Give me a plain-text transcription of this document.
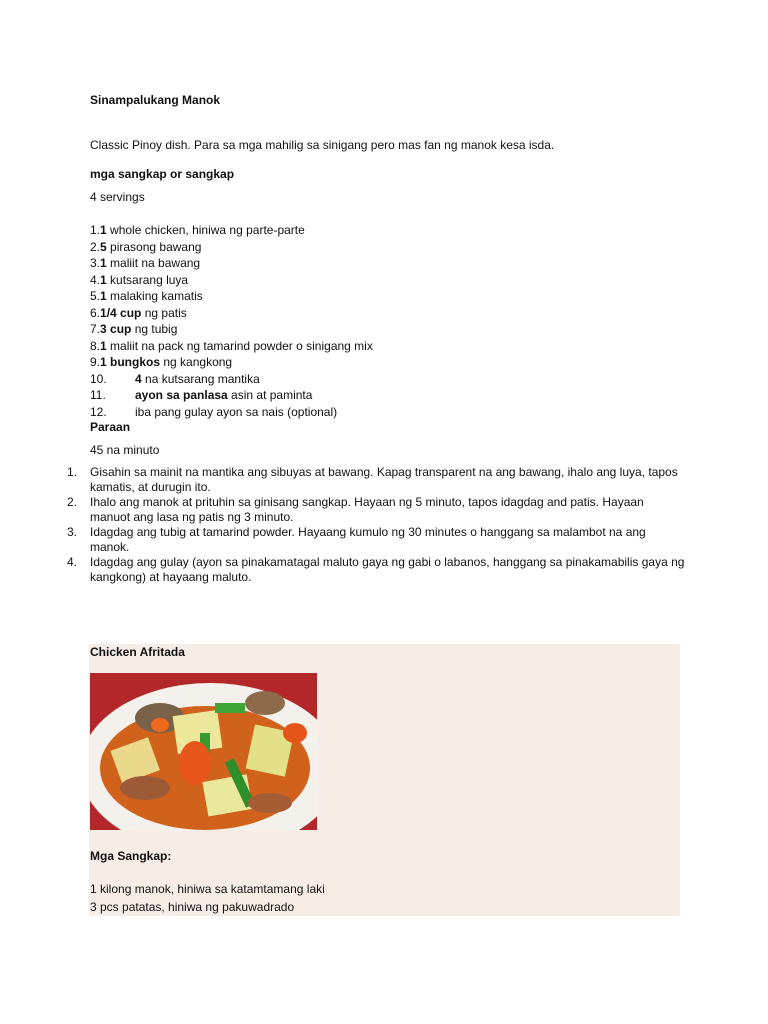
Sinampalukang Manok
Classic Pinoy dish. Para sa mga mahilig sa sinigang pero mas fan ng manok kesa isda.
mga sangkap or sangkap
4 servings
1.1 whole chicken, hiniwa ng parte-parte
2.5 pirasong bawang
3.1 maliit na bawang
4.1 kutsarang luya
5.1 malaking kamatis
6.1/4 cup ng patis
7.3 cup ng tubig
8.1 maliit na pack ng tamarind powder o sinigang mix
9.1 bungkos ng kangkong
10. 4 na kutsarang mantika
11. ayon sa panlasa asin at paminta
12. iba pang gulay ayon sa nais (optional)
Paraan
45 na minuto
1.	Gisahin sa mainit na mantika ang sibuyas at bawang. Kapag transparent na ang bawang, ihalo ang luya, tapos kamatis, at durugin ito.
2.	Ihalo ang manok at prituhin sa ginisang sangkap. Hayaan ng 5 minuto, tapos idagdag and patis. Hayaan manuot ang lasa ng patis ng 3 minuto.
3.	Idagdag ang tubig at tamarind powder. Hayaang kumulo ng 30 minutes o hanggang sa malambot na ang manok.
4.	Idagdag ang gulay (ayon sa pinakamatagal maluto gaya ng gabi o labanos, hanggang sa pinakamabilis gaya ng kangkong) at hayaang maluto.
Chicken Afritada
Mga Sangkap:
1 kilong manok, hiniwa sa katamtamang laki
3 pcs patatas, hiniwa ng pakuwadrado
